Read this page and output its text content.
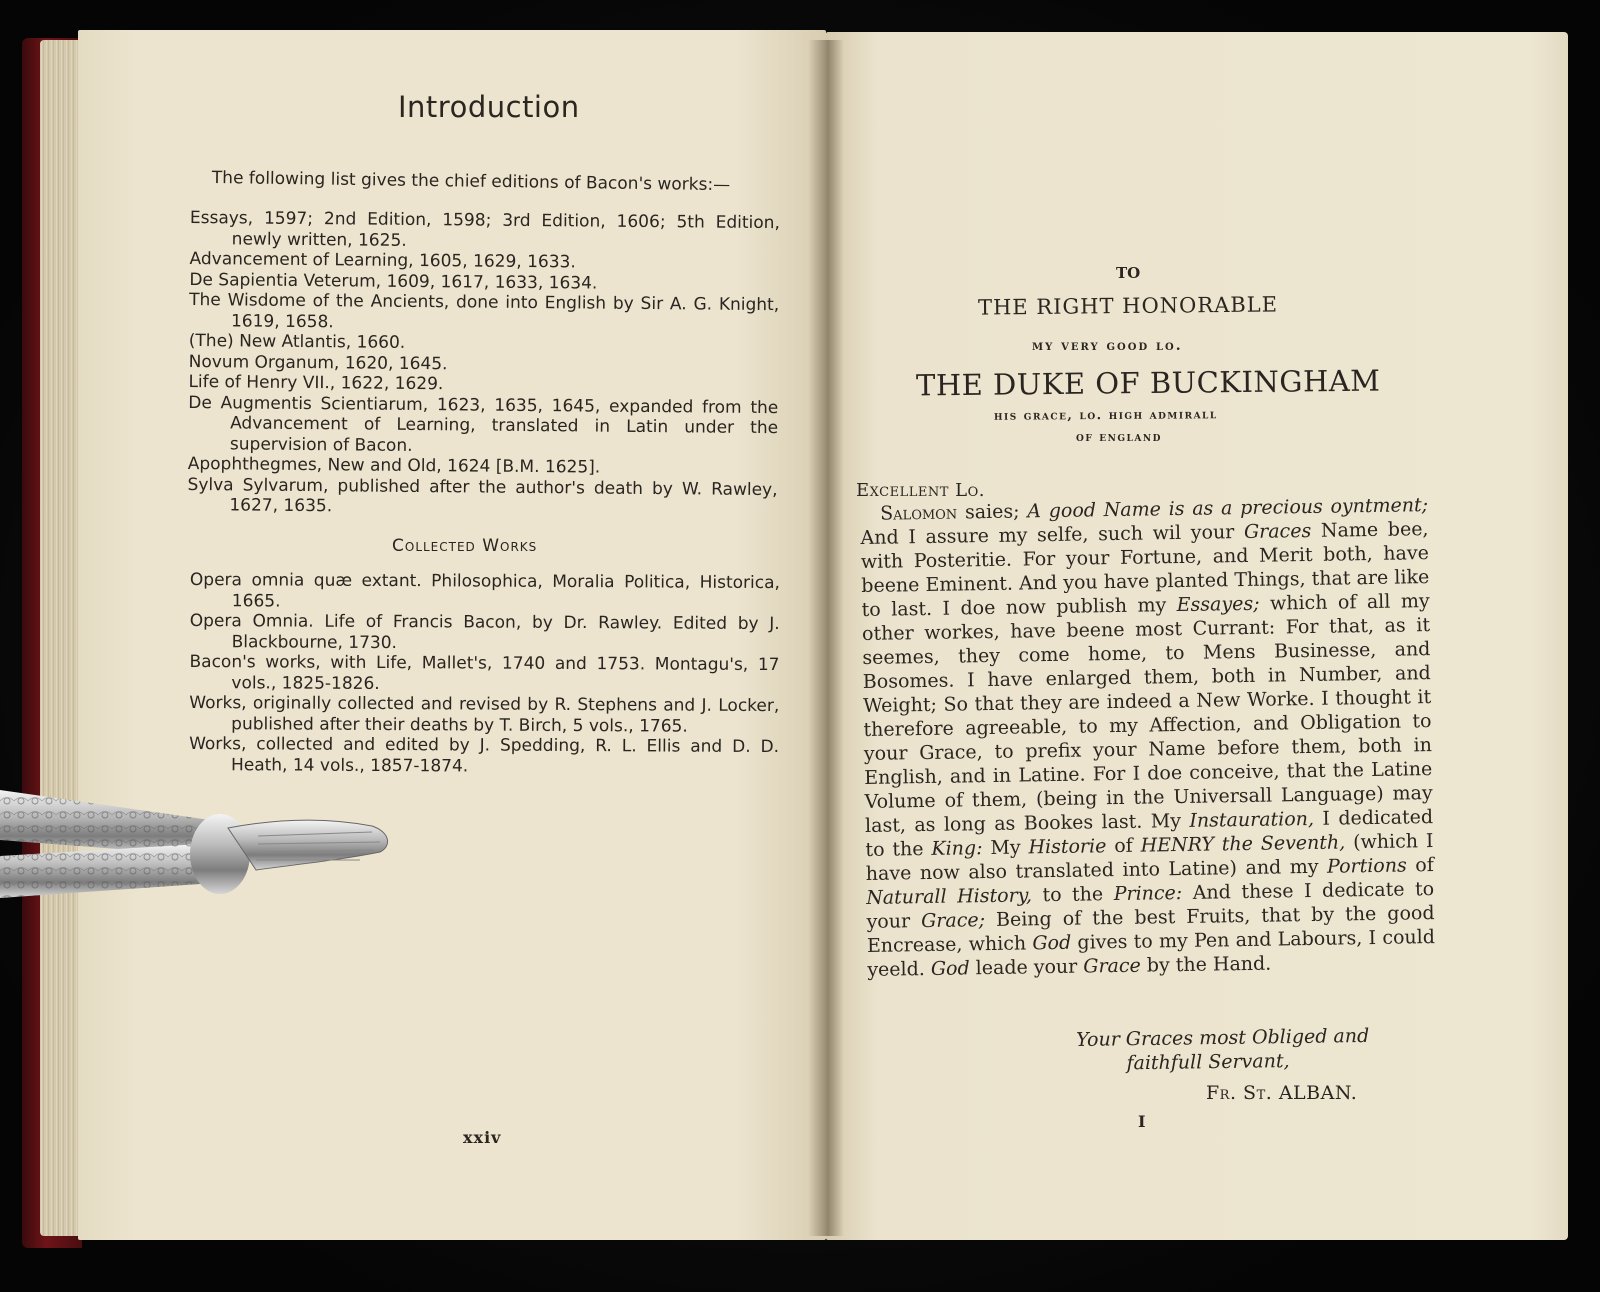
Introduction
The following list gives the chief editions of Bacon's works:—

Essays, 1597; 2nd Edition, 1598; 3rd Edition, 1606; 5th Edition, newly written, 1625.

Advancement of Learning, 1605, 1629, 1633.

De Sapientia Veterum, 1609, 1617, 1633, 1634.

The Wisdome of the Ancients, done into English by Sir A. G. Knight, 1619, 1658.

(The) New Atlantis, 1660.

Novum Organum, 1620, 1645.

Life of Henry VII., 1622, 1629.

De Augmentis Scientiarum, 1623, 1635, 1645, expanded from the Advancement of Learning, translated in Latin under the supervision of Bacon.

Apophthegmes, New and Old, 1624 [B.M. 1625].

Sylva Sylvarum, published after the author's death by W. Rawley, 1627, 1635.

Collected Works

Opera omnia quæ extant. Philosophica, Moralia Politica, Historica, 1665.

Opera Omnia. Life of Francis Bacon, by Dr. Rawley. Edited by J. Blackbourne, 1730.

Bacon's works, with Life, Mallet's, 1740 and 1753. Montagu's, 17 vols., 1825-1826.

Works, originally collected and revised by R. Stephens and J. Locker, published after their deaths by T. Birch, 5 vols., 1765.

Works, collected and edited by J. Spedding, R. L. Ellis and D. D. Heath, 14 vols., 1857-1874.

xxiv
TO
THE RIGHT HONORABLE
my very good lo.
THE DUKE OF BUCKINGHAM
his grace, lo. high admirall
of england
Excellent Lo.

Salomon saies; A good Name is as a precious oyntment; And I assure my selfe, such wil your Graces Name bee, with Posteritie. For your Fortune, and Merit both, have beene Eminent. And you have planted Things, that are like to last. I doe now publish my Essayes; which of all my other workes, have beene most Currant: For that, as it seemes, they come home, to Mens Businesse, and Bosomes. I have enlarged them, both in Number, and Weight; So that they are indeed a New Worke. I thought it therefore agreeable, to my Affection, and Obligation to your Grace, to prefix your Name before them, both in English, and in Latine. For I doe conceive, that the Latine Volume of them, (being in the Universall Language) may last, as long as Bookes last. My Instauration, I dedicated to the King: My Historie of HENRY the Seventh, (which I have now also translated into Latine) and my Portions of Naturall History, to the Prince: And these I dedicate to your Grace; Being of the best Fruits, that by the good Encrease, which God gives to my Pen and Labours, I could yeeld. God leade your Grace by the Hand.

Your Graces most Obliged and
faithfull Servant,
Fr. St. ALBAN.
I
